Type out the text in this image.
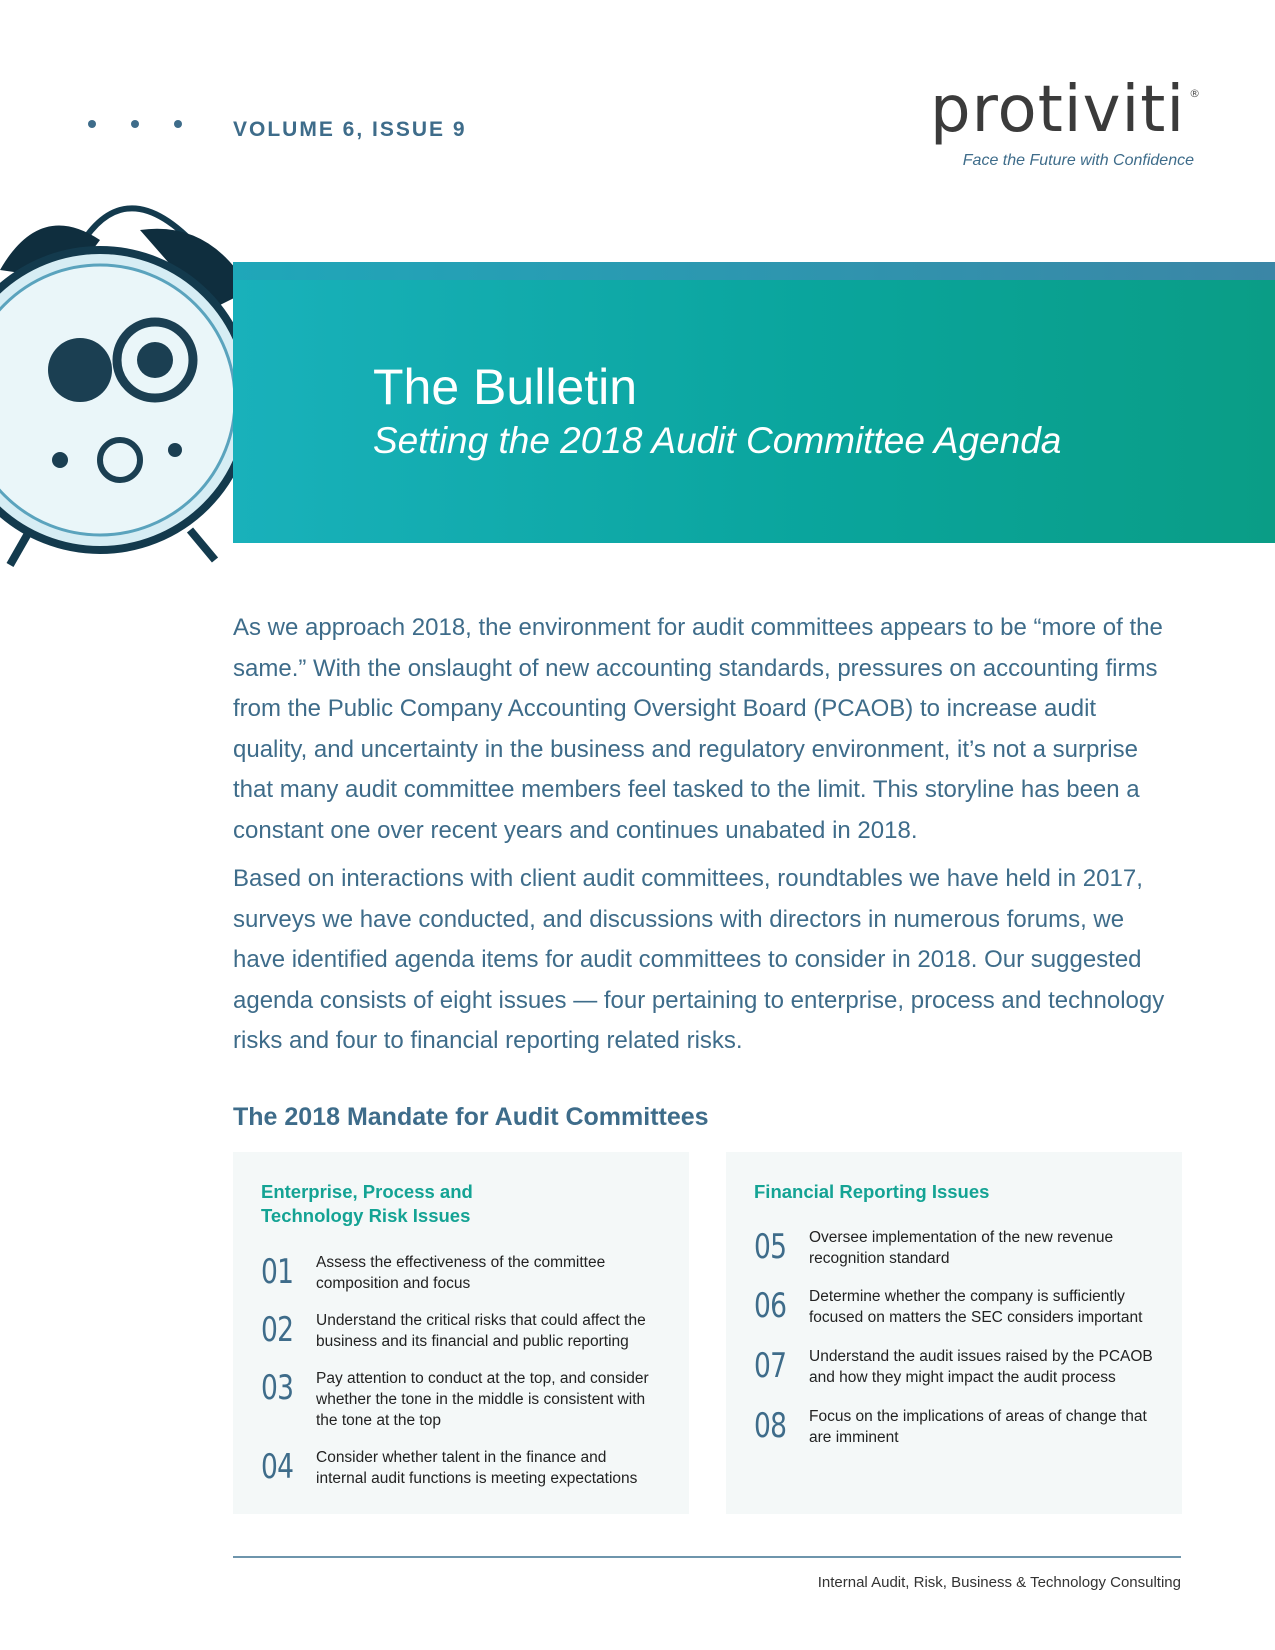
VOLUME 6, ISSUE 9	protiviti ®
Face the Future with Confidence
The Bulletin
Setting the 2018 Audit Committee Agenda

As we approach 2018, the environment for audit committees appears to be “more of the same.” With the onslaught of new accounting standards, pressures on accounting firms from the Public Company Accounting Oversight Board (PCAOB) to increase audit quality, and uncertainty in the business and regulatory environment, it’s not a surprise that many audit committee members feel tasked to the limit. This storyline has been a constant one over recent years and continues unabated in 2018.

Based on interactions with client audit committees, roundtables we have held in 2017, surveys we have conducted, and discussions with directors in numerous forums, we have identified agenda items for audit committees to consider in 2018. Our suggested agenda consists of eight issues — four pertaining to enterprise, process and technology risks and four to financial reporting related risks.

The 2018 Mandate for Audit Committees
Enterprise, Process and Technology Risk Issues
01	Assess the effectiveness of the committee composition and focus
02	Understand the critical risks that could affect the business and its financial and public reporting
03	Pay attention to conduct at the top, and consider whether the tone in the middle is consistent with the tone at the top
04	Consider whether talent in the finance and internal audit functions is meeting expectations
Financial Reporting Issues
05	Oversee implementation of the new revenue recognition standard
06	Determine whether the company is sufficiently focused on matters the SEC considers important
07	Understand the audit issues raised by the PCAOB and how they might impact the audit process
08	Focus on the implications of areas of change that are imminent
Internal Audit, Risk, Business & Technology Consulting
